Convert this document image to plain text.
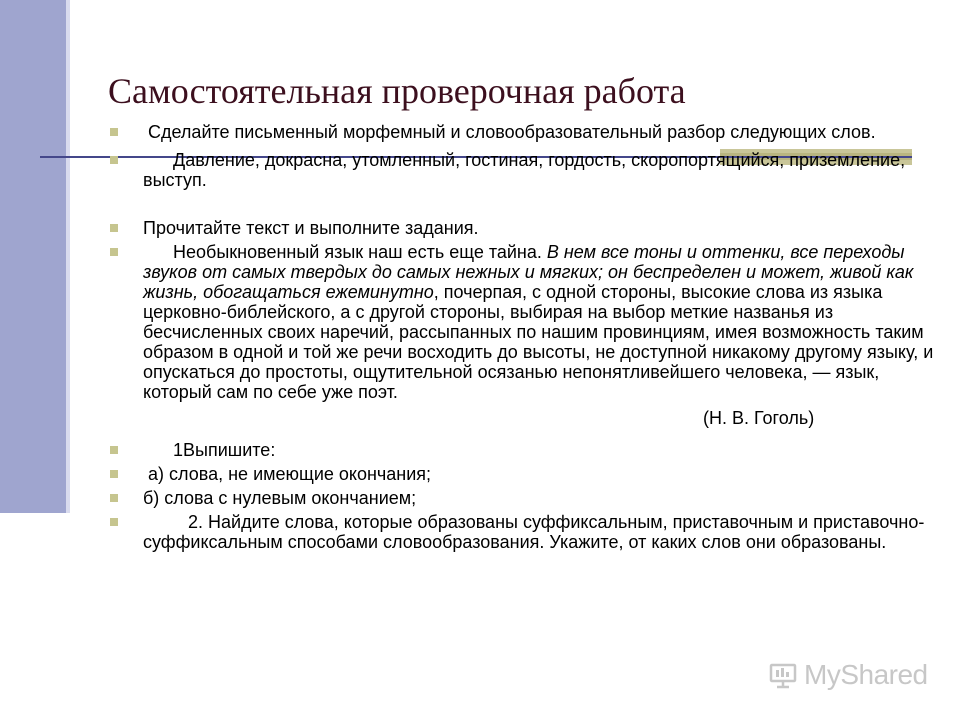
Самостоятельная проверочная работа
Сделайте письменный морфемный и словообразовательный разбор следующих слов.
Давление, докрасна, утомленный, гостиная, гордость, скоропортящийся, приземление, выступ.
Прочитайте текст и выполните задания.
Необыкновенный язык наш есть еще тайна. В нем все тоны и оттенки, все переходы звуков от самых твердых до самых нежных и мягких; он беспределен и может, живой как жизнь, обогащаться ежеминутно, почерпая, с одной стороны, высокие слова из языка церковно-библейского, а с другой стороны, выбирая на выбор меткие названья из бесчисленных своих наречий, рассыпанных по нашим провинциям, имея возможность таким образом в одной и той же речи восходить до высоты, не доступной никакому другому языку, и опускаться до простоты, ощутительной осязанью непонятливейшего человека, — язык, который сам по себе уже поэт.
(Н. В. Гоголь)
1Выпишите:
а) слова, не имеющие окончания;
б) слова с нулевым окончанием;
2. Найдите слова, которые образованы суффиксальным, приставочным и приставочно-суффиксальным способами словообразования. Укажите, от каких слов они образованы.
MyShared
